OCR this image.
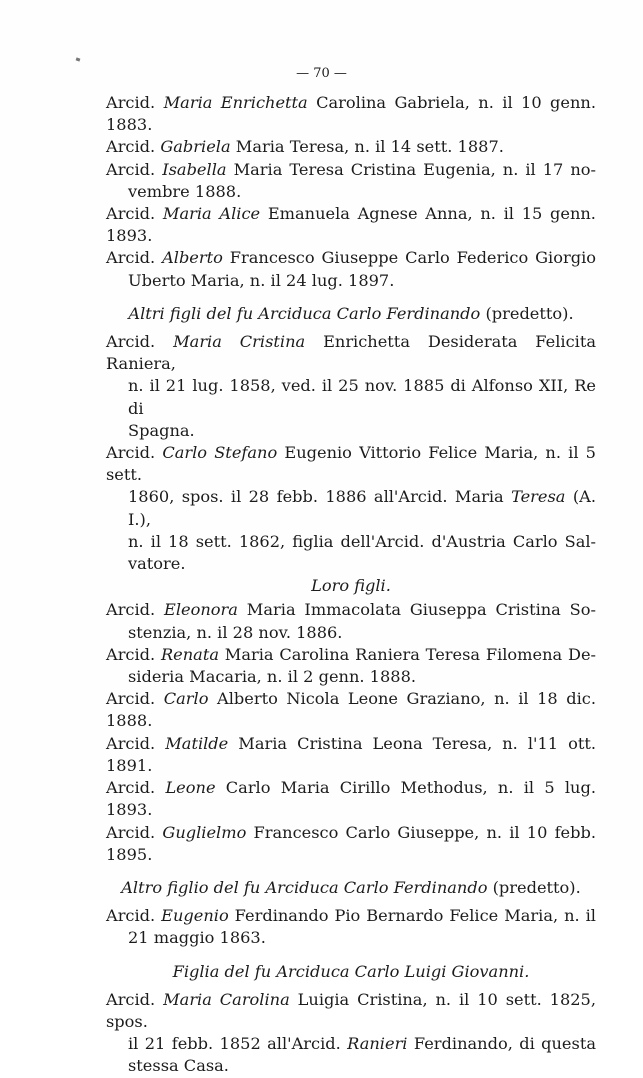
— 70 —

Arcid. Maria Enrichetta Carolina Gabriela, n. il 10 genn. 1883.

Arcid. Gabriela Maria Teresa, n. il 14 sett. 1887.

Arcid. Isabella Maria Teresa Cristina Eugenia, n. il 17 no-
vembre 1888.

Arcid. Maria Alice Emanuela Agnese Anna, n. il 15 genn. 1893.

Arcid. Alberto Francesco Giuseppe Carlo Federico Giorgio
Uberto Maria, n. il 24 lug. 1897.

Altri figli del fu Arciduca Carlo Ferdinando (predetto).

Arcid. Maria Cristina Enrichetta Desiderata Felicita Raniera,
n. il 21 lug. 1858, ved. il 25 nov. 1885 di Alfonso XII, Re di
Spagna.

Arcid. Carlo Stefano Eugenio Vittorio Felice Maria, n. il 5 sett.
1860, spos. il 28 febb. 1886 all'Arcid. Maria Teresa (A. I.),
n. il 18 sett. 1862, figlia dell'Arcid. d'Austria Carlo Sal-
vatore.

Loro figli.

Arcid. Eleonora Maria Immacolata Giuseppa Cristina So-
stenzia, n. il 28 nov. 1886.

Arcid. Renata Maria Carolina Raniera Teresa Filomena De-
sideria Macaria, n. il 2 genn. 1888.

Arcid. Carlo Alberto Nicola Leone Graziano, n. il 18 dic. 1888.

Arcid. Matilde Maria Cristina Leona Teresa, n. l'11 ott. 1891.

Arcid. Leone Carlo Maria Cirillo Methodus, n. il 5 lug. 1893.

Arcid. Guglielmo Francesco Carlo Giuseppe, n. il 10 febb. 1895.

Altro figlio del fu Arciduca Carlo Ferdinando (predetto).

Arcid. Eugenio Ferdinando Pio Bernardo Felice Maria, n. il
21 maggio 1863.

Figlia del fu Arciduca Carlo Luigi Giovanni.

Arcid. Maria Carolina Luigia Cristina, n. il 10 sett. 1825, spos.
il 21 febb. 1852 all'Arcid. Ranieri Ferdinando, di questa
stessa Casa.
